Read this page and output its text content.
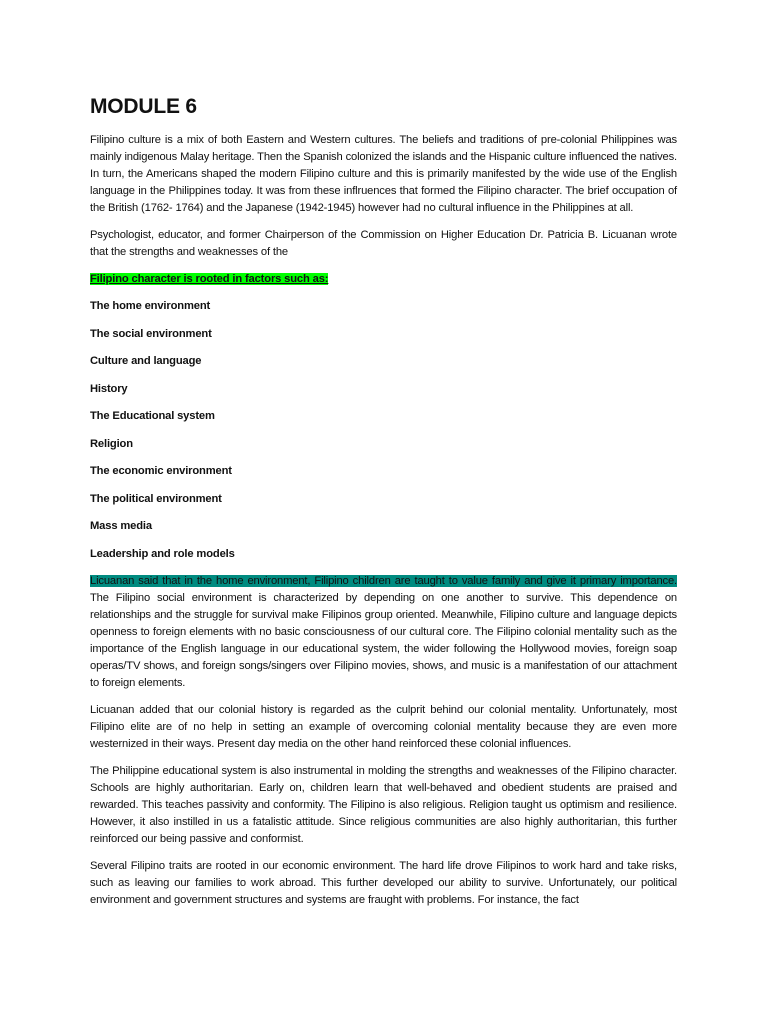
MODULE 6

Filipino culture is a mix of both Eastern and Western cultures. The beliefs and traditions of pre-colonial Philippines was mainly indigenous Malay heritage. Then the Spanish colonized the islands and the Hispanic culture influenced the natives. In turn, the Americans shaped the modern Filipino culture and this is primarily manifested by the wide use of the English language in the Philippines today. It was from these inflruences that formed the Filipino character. The brief occupation of the British (1762- 1764) and the Japanese (1942-1945) however had no cultural influence in the Philippines at all.

Psychologist, educator, and former Chairperson of the Commission on Higher Education Dr. Patricia B. Licuanan wrote that the strengths and weaknesses of the

Filipino character is rooted in factors such as:
The home environment
The social environment
Culture and language
History
The Educational system
Religion
The economic environment
The political environment
Mass media
Leadership and role models

Licuanan said that in the home environment, Filipino children are taught to value family and give it primary importance. The Filipino social environment is characterized by depending on one another to survive. This dependence on relationships and the struggle for survival make Filipinos group oriented. Meanwhile, Filipino culture and language depicts openness to foreign elements with no basic consciousness of our cultural core. The Filipino colonial mentality such as the importance of the English language in our educational system, the wider following the Hollywood movies, foreign soap operas/TV shows, and foreign songs/singers over Filipino movies, shows, and music is a manifestation of our attachment to foreign elements.

Licuanan added that our colonial history is regarded as the culprit behind our colonial mentality. Unfortunately, most Filipino elite are of no help in setting an example of overcoming colonial mentality because they are even more westernized in their ways. Present day media on the other hand reinforced these colonial influences.

The Philippine educational system is also instrumental in molding the strengths and weaknesses of the Filipino character. Schools are highly authoritarian. Early on, children learn that well-behaved and obedient students are praised and rewarded. This teaches passivity and conformity. The Filipino is also religious. Religion taught us optimism and resilience. However, it also instilled in us a fatalistic attitude. Since religious communities are also highly authoritarian, this further reinforced our being passive and conformist.

Several Filipino traits are rooted in our economic environment. The hard life drove Filipinos to work hard and take risks, such as leaving our families to work abroad. This further developed our ability to survive. Unfortunately, our political environment and government structures and systems are fraught with problems. For instance, the fact
